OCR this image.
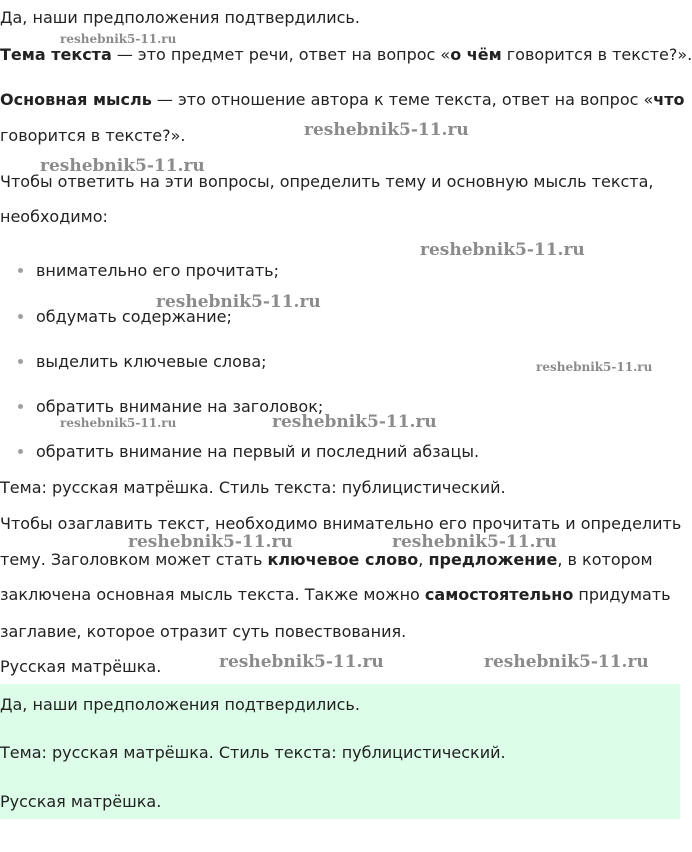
Да, наши предположения подтвердились.
Тема текста — это предмет речи, ответ на вопрос «о чём говорится в тексте?».
Основная мысль — это отношение автора к теме текста, ответ на вопрос «что
говорится в тексте?».
Чтобы ответить на эти вопросы, определить тему и основную мысль текста,
необходимо:
внимательно его прочитать;
обдумать содержание;
выделить ключевые слова;
обратить внимание на заголовок;
обратить внимание на первый и последний абзацы.
Тема: русская матрёшка. Стиль текста: публицистический.
Чтобы озаглавить текст, необходимо внимательно его прочитать и определить
тему. Заголовком может стать ключевое слово, предложение, в котором
заключена основная мысль текста. Также можно самостоятельно придумать
заглавие, которое отразит суть повествования.
Русская матрёшка.
Да, наши предположения подтвердились.
Тема: русская матрёшка. Стиль текста: публицистический.
Русская матрёшка.
reshebnik5-11.ru
reshebnik5-11.ru
reshebnik5-11.ru
reshebnik5-11.ru
reshebnik5-11.ru
reshebnik5-11.ru
reshebnik5-11.ru	reshebnik5-11.ru
reshebnik5-11.ru	reshebnik5-11.ru
reshebnik5-11.ru	reshebnik5-11.ru
